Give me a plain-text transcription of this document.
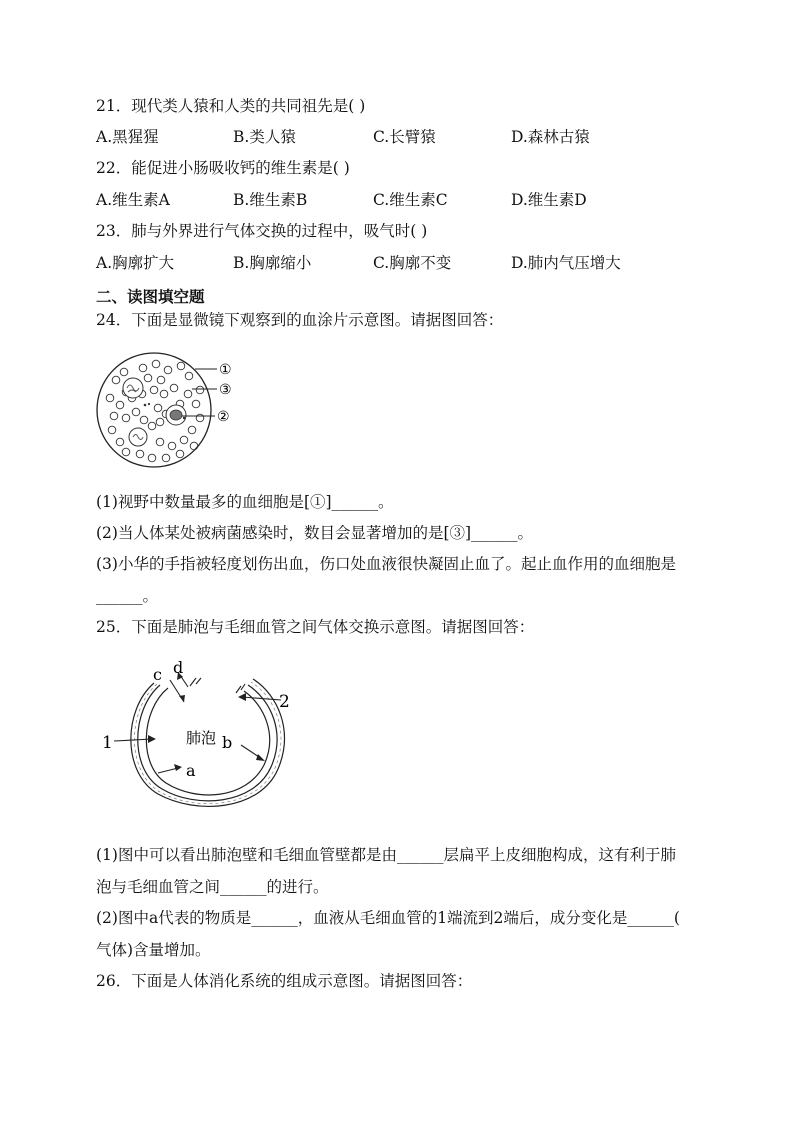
21．现代类人猿和人类的共同祖先是( )
A.黑猩猩	B.类人猿	C.长臂猿	D.森林古猿
22．能促进小肠吸收钙的维生素是( )
A.维生素A	B.维生素B	C.维生素C	D.维生素D
23．肺与外界进行气体交换的过程中，吸气时( )
A.胸廓扩大	B.胸廓缩小	C.胸廓不变	D.肺内气压增大
二、读图填空题
24．下面是显微镜下观察到的血涂片示意图。请据图回答：
①
③
②
(1)视野中数量最多的血细胞是[①]______。
(2)当人体某处被病菌感染时，数目会显著增加的是[③]______。
(3)小华的手指被轻度划伤出血，伤口处血液很快凝固止血了。起止血作用的血细胞是
______。
25．下面是肺泡与毛细血管之间气体交换示意图。请据图回答：
c d
2
1	肺泡 b
a
(1)图中可以看出肺泡壁和毛细血管壁都是由______层扁平上皮细胞构成，这有利于肺
泡与毛细血管之间______的进行。
(2)图中a代表的物质是______，血液从毛细血管的1端流到2端后，成分变化是______(
气体)含量增加。
26．下面是人体消化系统的组成示意图。请据图回答：
